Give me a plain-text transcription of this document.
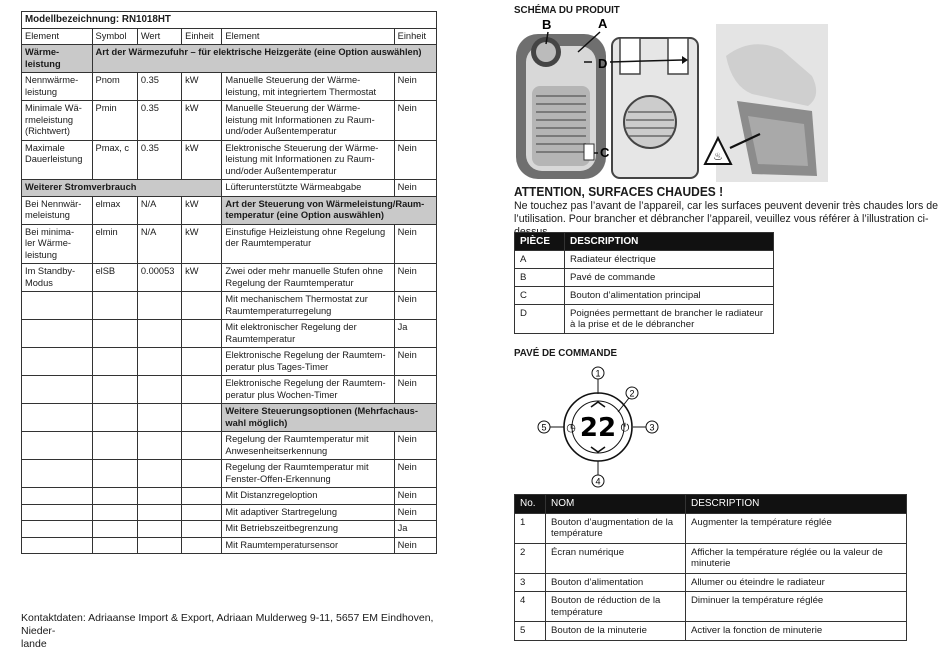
Modellbezeichnung: RN1018HT					
Element	Symbol	Wert	Einheit	Element	Einheit
Wärme-
leistung	Art der Wärmezufuhr – für elektrische Heizgeräte (eine Option auswählen)				
Nennwärme-
leistung	Pnom	0.35	kW	Manuelle Steuerung der Wärme-
leistung, mit integriertem Thermostat	Nein
Minimale Wä-
rmeleistung
(Richtwert)	Pmin	0.35	kW	Manuelle Steuerung der Wärme-
leistung mit Informationen zu Raum-
und/oder Außentemperatur	Nein
Maximale
Dauerleistung	Pmax, c	0.35	kW	Elektronische Steuerung der Wärme-
leistung mit Informationen zu Raum-
und/oder Außentemperatur	Nein
Weiterer Stromverbrauch				Lüfterunterstützte Wärmeabgabe	Nein
Bei Nennwär-
meleistung	elmax	N/A	kW	Art der Steuerung von Wärmeleistung/Raum-
temperatur (eine Option auswählen)	
Bei minima-
ler Wärme-
leistung	elmin	N/A	kW	Einstufige Heizleistung ohne Regelung
der Raumtemperatur	Nein
Im Standby-
Modus	elSB	0.00053	kW	Zwei oder mehr manuelle Stufen ohne
Regelung der Raumtemperatur	Nein
				Mit mechanischem Thermostat zur
Raumtemperaturregelung	Nein
				Mit elektronischer Regelung der
Raumtemperatur	Ja
				Elektronische Regelung der Raumtem-
peratur plus Tages-Timer	Nein
				Elektronische Regelung der Raumtem-
peratur plus Wochen-Timer	Nein
				Weitere Steuerungsoptionen (Mehrfachaus-
wahl möglich)	
				Regelung der Raumtemperatur mit
Anwesenheitserkennung	Nein
				Regelung der Raumtemperatur mit
Fenster-Offen-Erkennung	Nein
				Mit Distanzregeloption	Nein
				Mit adaptiver Startregelung	Nein
				Mit Betriebszeitbegrenzung	Ja
				Mit Raumtemperatursensor	Nein
Kontaktdaten: Adriaanse Import & Export, Adriaan Mulderweg 9-11, 5657 EM Eindhoven, Nieder-
lande
SCHÉMA DU PRODUIT
♨
B	A
D
C
ATTENTION, SURFACES CHAUDES !
Ne touchez pas l’avant de l’appareil, car les surfaces peuvent devenir très chaudes lors de
l’utilisation. Pour brancher et débrancher l’appareil, veuillez vous référer à l’illustration ci-
PIÈCE	DESCRIPTION
A	Radiateur électrique
B	Pavé de commande
C	Bouton d’alimentation principal
D	Poignées permettant de brancher le radiateur
à la prise et de le débrancher
PAVÉ DE COMMANDE
22
◷	⏻
1
2
3
4
5
No.	NOM	DESCRIPTION
1	Bouton d’augmentation de la
température	Augmenter la température réglée
2	Écran numérique	Afficher la température réglée ou la valeur de
minuterie
3	Bouton d’alimentation	Allumer ou éteindre le radiateur
4	Bouton de réduction de la
température	Diminuer la température réglée
5	Bouton de la minuterie	Activer la fonction de minuterie
